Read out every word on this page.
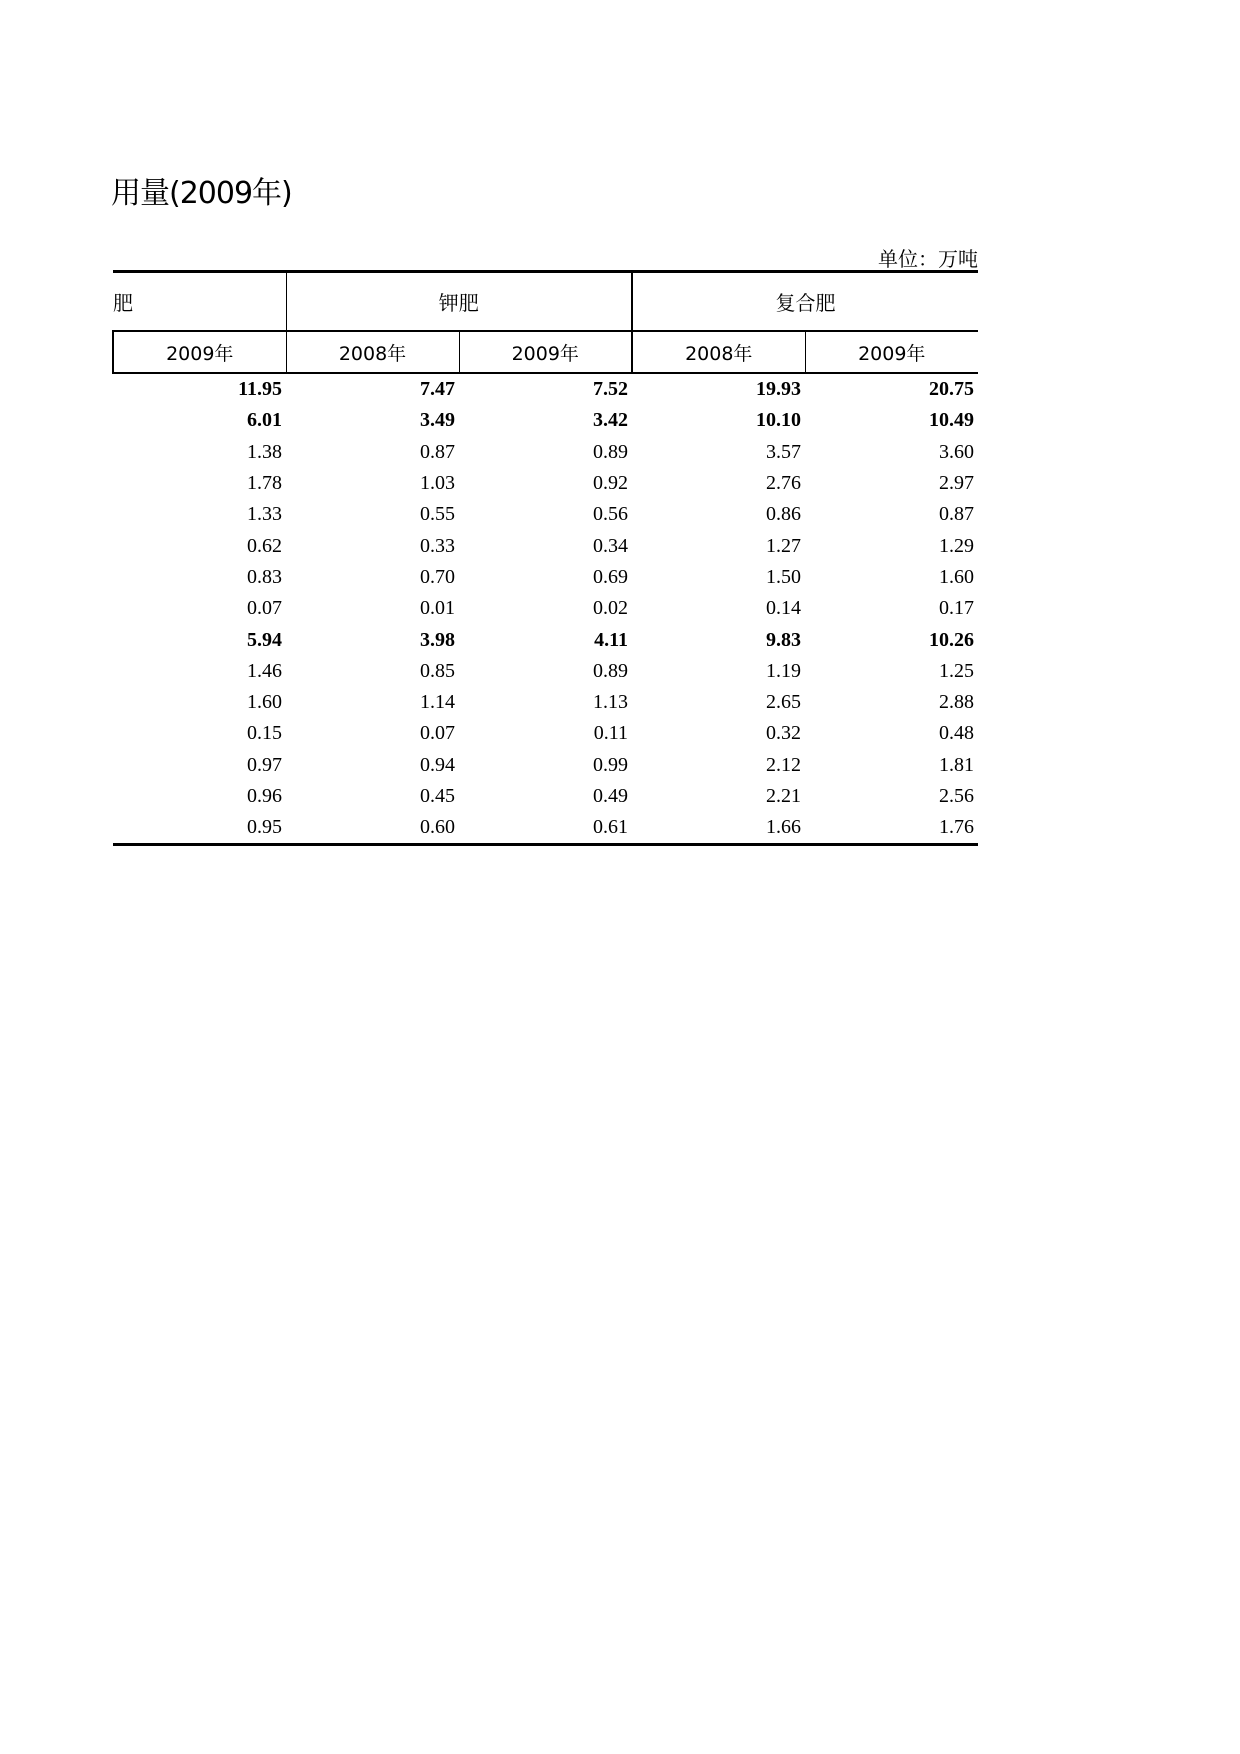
用量(2009年)
单位：万吨
肥	钾肥		复合肥	
2009年	2008年	2009年	2008年	2009年
11.95	7.47	7.52	19.93	20.75
6.01	3.49	3.42	10.10	10.49
1.38	0.87	0.89	3.57	3.60
1.78	1.03	0.92	2.76	2.97
1.33	0.55	0.56	0.86	0.87
0.62	0.33	0.34	1.27	1.29
0.83	0.70	0.69	1.50	1.60
0.07	0.01	0.02	0.14	0.17
5.94	3.98	4.11	9.83	10.26
1.46	0.85	0.89	1.19	1.25
1.60	1.14	1.13	2.65	2.88
0.15	0.07	0.11	0.32	0.48
0.97	0.94	0.99	2.12	1.81
0.96	0.45	0.49	2.21	2.56
0.95	0.60	0.61	1.66	1.76
